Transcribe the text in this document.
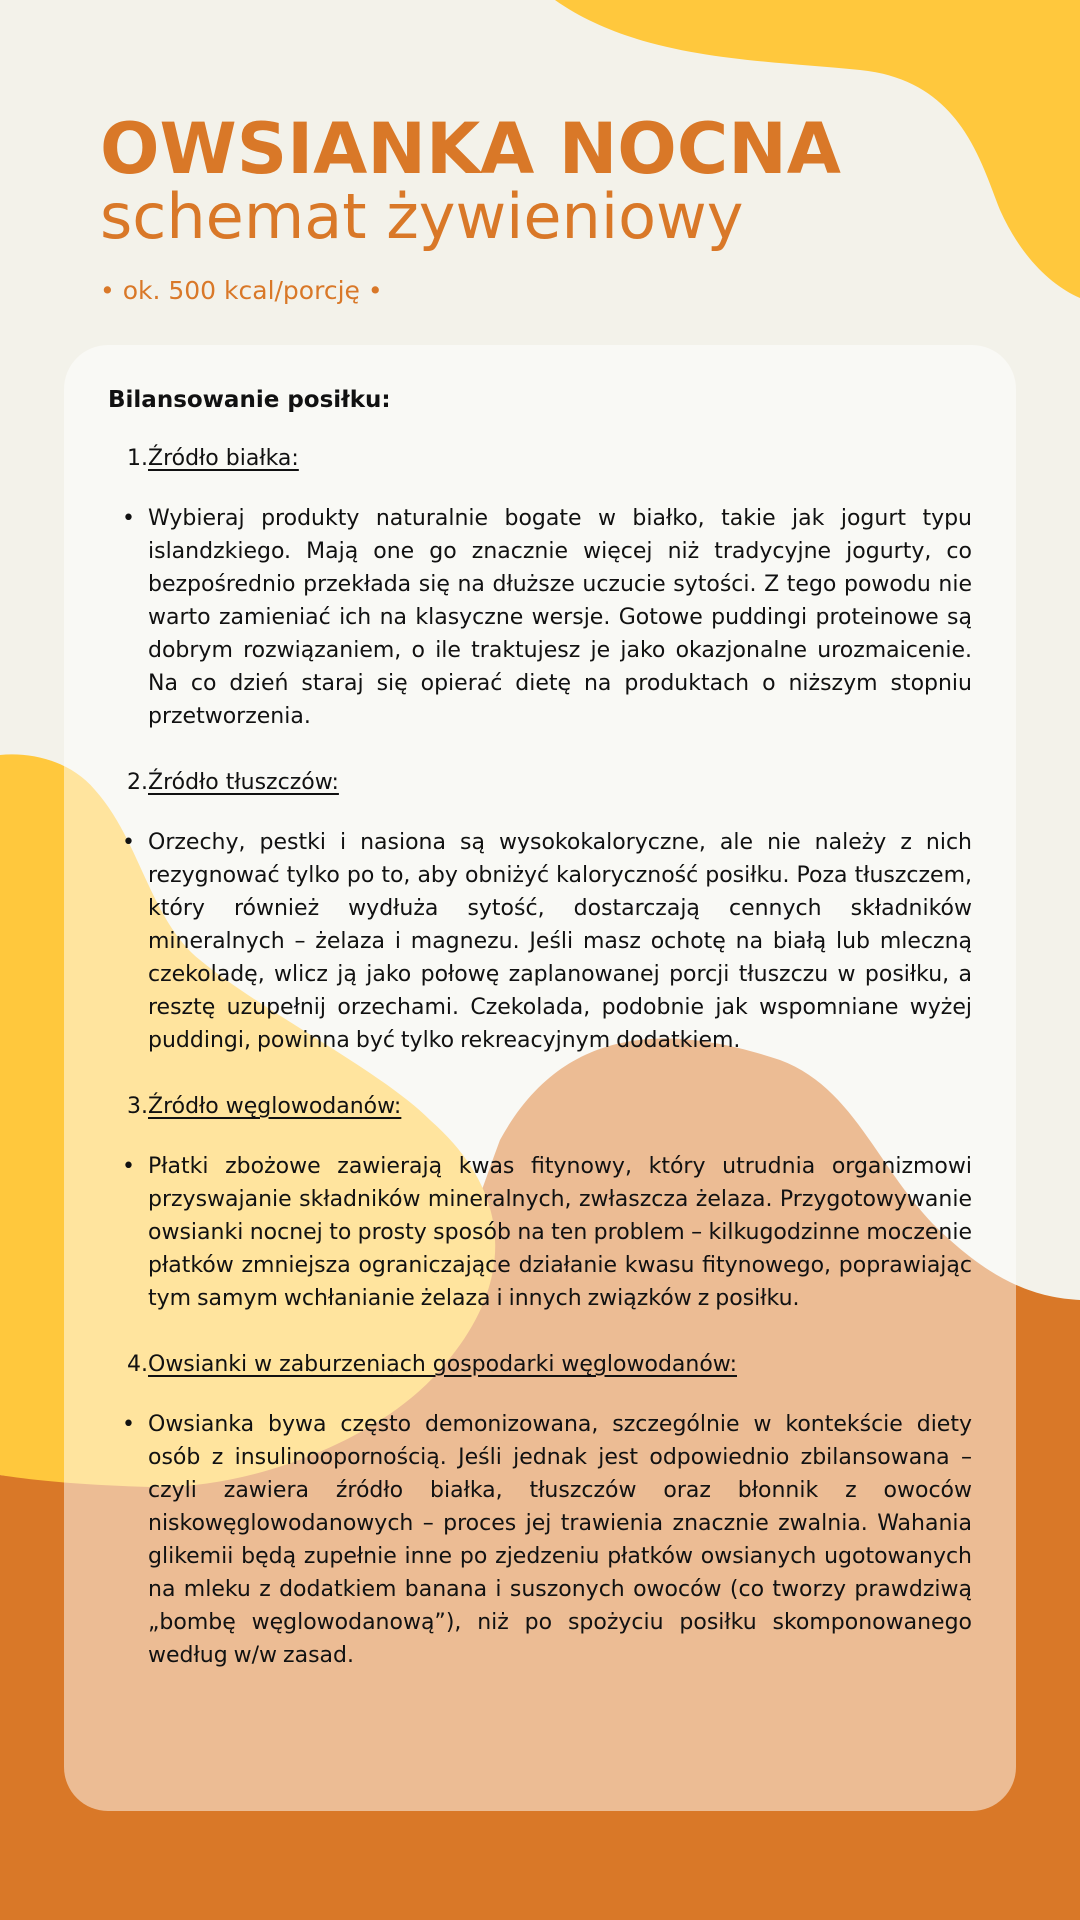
OWSIANKA NOCNA
schemat żywieniowy
• ok. 500 kcal/porcję •
Bilansowanie posiłku:
1. Źródło białka:
• Wybieraj produkty naturalnie bogate w białko, takie jak jogurt typu islandzkiego. Mają one go znacznie więcej niż tradycyjne jogurty, co bezpośrednio przekłada się na dłuższe uczucie sytości. Z tego powodu nie warto zamieniać ich na klasyczne wersje. Gotowe puddingi proteinowe są dobrym rozwiązaniem, o ile traktujesz je jako okazjonalne urozmaicenie. Na co dzień staraj się opierać dietę na produktach o niższym stopniu przetworzenia.
2. Źródło tłuszczów:
• Orzechy, pestki i nasiona są wysokokaloryczne, ale nie należy z nich rezygnować tylko po to, aby obniżyć kaloryczność posiłku. Poza tłuszczem, który również wydłuża sytość, dostarczają cennych składników mineralnych – żelaza i magnezu. Jeśli masz ochotę na białą lub mleczną czekoladę, wlicz ją jako połowę zaplanowanej porcji tłuszczu w posiłku, a resztę uzupełnij orzechami. Czekolada, podobnie jak wspomniane wyżej puddingi, powinna być tylko rekreacyjnym dodatkiem.
3. Źródło węglowodanów:
• Płatki zbożowe zawierają kwas fitynowy, który utrudnia organizmowi przyswajanie składników mineralnych, zwłaszcza żelaza. Przygotowywanie owsianki nocnej to prosty sposób na ten problem – kilkugodzinne moczenie płatków zmniejsza ograniczające działanie kwasu fitynowego, poprawiając tym samym wchłanianie żelaza i innych związków z posiłku.
4. Owsianki w zaburzeniach gospodarki węglowodanów:
• Owsianka bywa często demonizowana, szczególnie w kontekście diety osób z insulinoopornością. Jeśli jednak jest odpowiednio zbilansowana – czyli zawiera źródło białka, tłuszczów oraz błonnik z owoców niskowęglowodanowych – proces jej trawienia znacznie zwalnia. Wahania glikemii będą zupełnie inne po zjedzeniu płatków owsianych ugotowanych na mleku z dodatkiem banana i suszonych owoców (co tworzy prawdziwą „bombę węglowodanową”), niż po spożyciu posiłku skomponowanego według w/w zasad.
